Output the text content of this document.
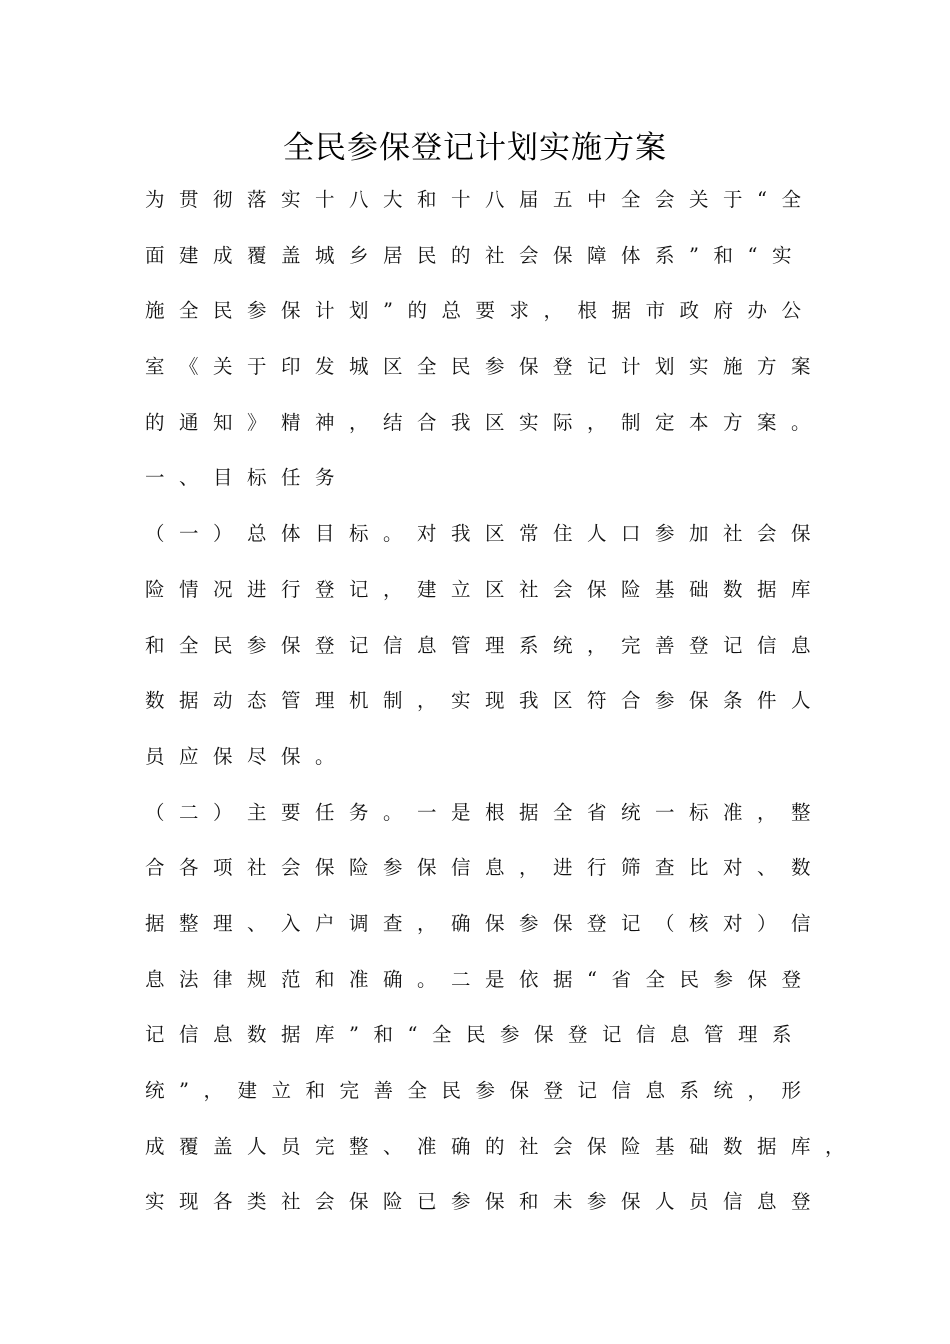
全民参保登记计划实施方案
为贯彻落实十八大和十八届五中全会关于“全
面建成覆盖城乡居民的社会保障体系”和“实
施全民参保计划”的总要求，根据市政府办公
室《关于印发城区全民参保登记计划实施方案
的通知》精神，结合我区实际，制定本方案。
一、目标任务
（一）总体目标。对我区常住人口参加社会保
险情况进行登记，建立区社会保险基础数据库
和全民参保登记信息管理系统，完善登记信息
数据动态管理机制，实现我区符合参保条件人
员应保尽保。
（二）主要任务。一是根据全省统一标准，整
合各项社会保险参保信息，进行筛查比对、数
据整理、入户调查，确保参保登记（核对）信
息法律规范和准确。二是依据“省全民参保登
记信息数据库”和“全民参保登记信息管理系
统”，建立和完善全民参保登记信息系统，形
成覆盖人员完整、准确的社会保险基础数据库，
实现各类社会保险已参保和未参保人员信息登
